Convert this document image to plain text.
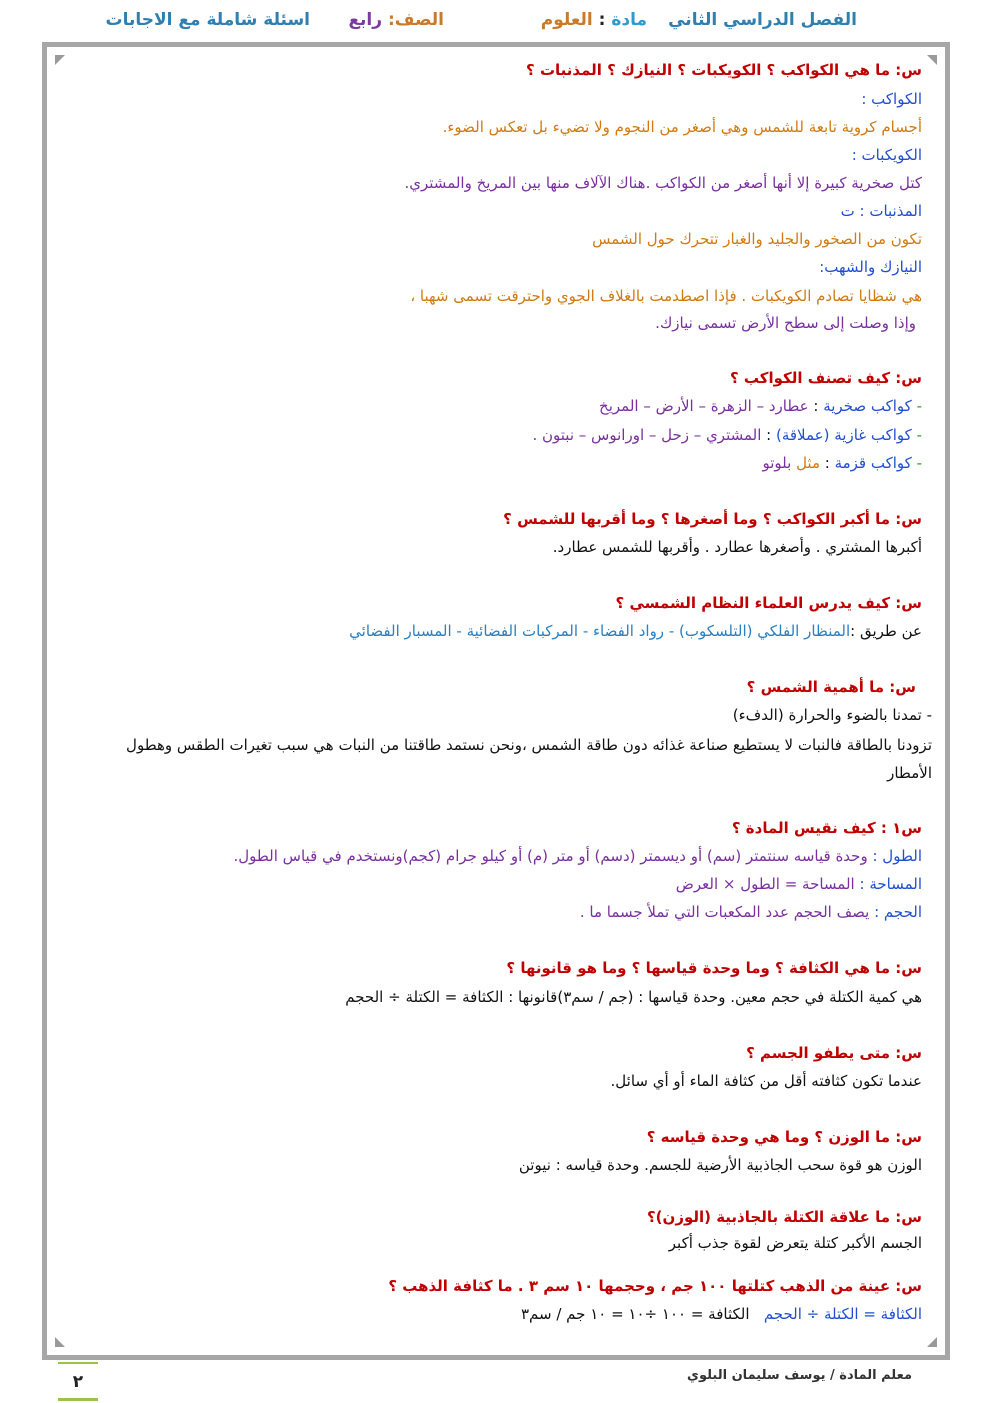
الفصل الدراسي الثاني
مادة : العلوم
الصف: رابع
اسئلة شاملة مع الاجابات
س: ما هي الكواكب ؟ الكويكبات ؟ النيازك ؟ المذنبات ؟
الكواكب :
أجسام كروية تابعة للشمس وهي أصغر من النجوم ولا تضيء بل تعكس الضوء.
الكويكبات :
كتل صخرية كبيرة إلا أنها أصغر من الكواكب .هناك الآلاف منها بين المريخ والمشتري.
المذنبات : ت
تكون من الصخور والجليد والغبار تتحرك حول الشمس
النيازك والشهب:
هي شظايا تصادم الكويكبات . فإذا اصطدمت بالغلاف الجوي واحترقت تسمى شهبا ،
وإذا وصلت إلى سطح الأرض تسمى نيازك.
س: كيف تصنف الكواكب ؟
- كواكب صخرية : عطارد – الزهرة – الأرض – المريخ
- كواكب غازية (عملاقة) : المشتري – زحل – اورانوس – نبتون .
- كواكب قزمة : مثل بلوتو
س: ما أكبر الكواكب ؟ وما أصغرها ؟ وما أقربها للشمس ؟
أكبرها المشتري . وأصغرها عطارد . وأقربها للشمس عطارد.
س: كيف يدرس العلماء النظام الشمسي ؟
عن طريق :المنظار الفلكي (التلسكوب) - رواد الفضاء - المركبات الفضائية - المسبار الفضائي
س: ما أهمية الشمس ؟
- تمدنا بالضوء والحرارة (الدفء)
تزودنا بالطاقة فالنبات لا يستطيع صناعة غذائه دون طاقة الشمس ،ونحن نستمد طاقتنا من النبات هي سبب تغيرات الطقس وهطول
الأمطار
س١ : كيف نقيس المادة ؟
الطول : وحدة قياسه سنتمتر (سم) أو ديسمتر (دسم) أو متر (م) أو كيلو جرام (كجم)ونستخدم في قياس الطول.
المساحة : المساحة = الطول × العرض
الحجم : يصف الحجم عدد المكعبات التي تملأ جسما ما .
س: ما هي الكثافة ؟ وما وحدة قياسها ؟ وما هو قانونها ؟
هي كمية الكتلة في حجم معين. وحدة قياسها : (جم / سم٣)قانونها : الكثافة = الكتلة ÷ الحجم
س: متى يطفو الجسم ؟
عندما تكون كثافته أقل من كثافة الماء أو أي سائل.
س: ما الوزن ؟ وما هي وحدة قياسه ؟
الوزن هو قوة سحب الجاذبية الأرضية للجسم. وحدة قياسه : نيوتن
س: ما علاقة الكتلة بالجاذبية (الوزن)؟
الجسم الأكبر كتلة يتعرض لقوة جذب أكبر
س: عينة من الذهب كتلتها ١٠٠ جم ، وحجمها ١٠ سم ٣ . ما كثافة الذهب ؟
الكثافة = الكتلة ÷ الحجم   الكثافة = ١٠٠ ÷١٠ = ١٠ جم / سم٣
معلم المادة / يوسف سليمان البلوي
٢
